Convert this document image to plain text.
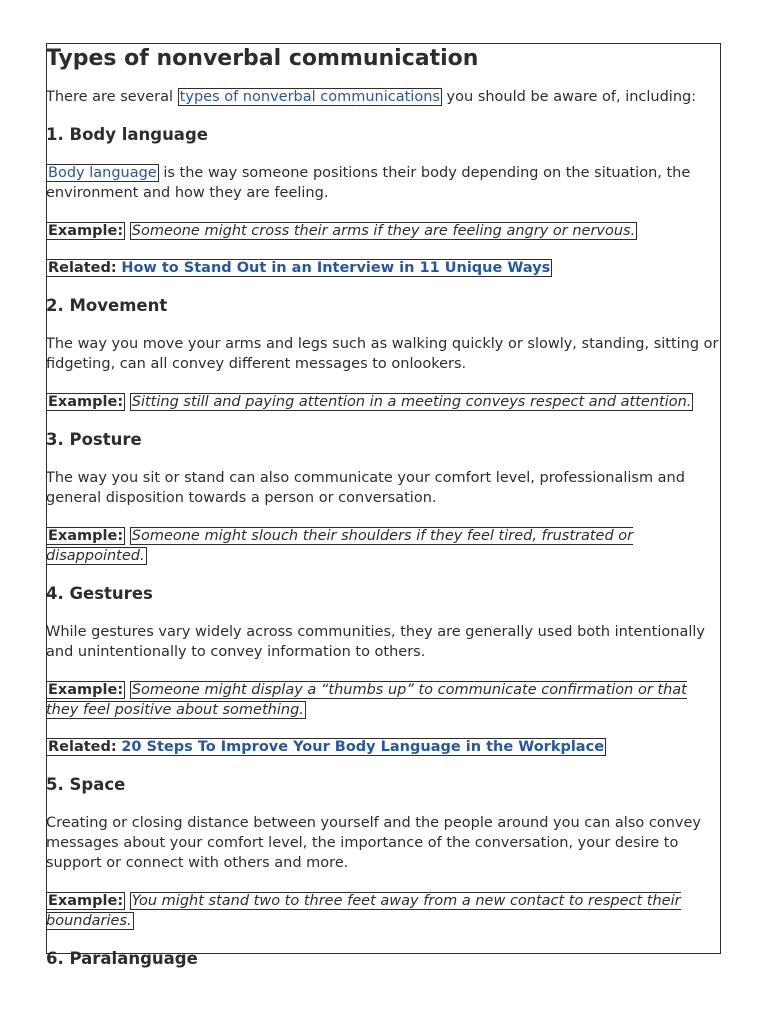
Types of nonverbal communication

There are several types of nonverbal communications you should be aware of, including:

1. Body language

Body language is the way someone positions their body depending on the situation, the environment and how they are feeling.

Example: Someone might cross their arms if they are feeling angry or nervous.

Related: How to Stand Out in an Interview in 11 Unique Ways

2. Movement

The way you move your arms and legs such as walking quickly or slowly, standing, sitting or fidgeting, can all convey different messages to onlookers.

Example: Sitting still and paying attention in a meeting conveys respect and attention.

3. Posture

The way you sit or stand can also communicate your comfort level, professionalism and general disposition towards a person or conversation.

Example: Someone might slouch their shoulders if they feel tired, frustrated or disappointed.

4. Gestures

While gestures vary widely across communities, they are generally used both intentionally and unintentionally to convey information to others.

Example: Someone might display a “thumbs up” to communicate confirmation or that they feel positive about something.

Related: 20 Steps To Improve Your Body Language in the Workplace

5. Space

Creating or closing distance between yourself and the people around you can also convey messages about your comfort level, the importance of the conversation, your desire to support or connect with others and more.

Example: You might stand two to three feet away from a new contact to respect their boundaries.

6. Paralanguage
